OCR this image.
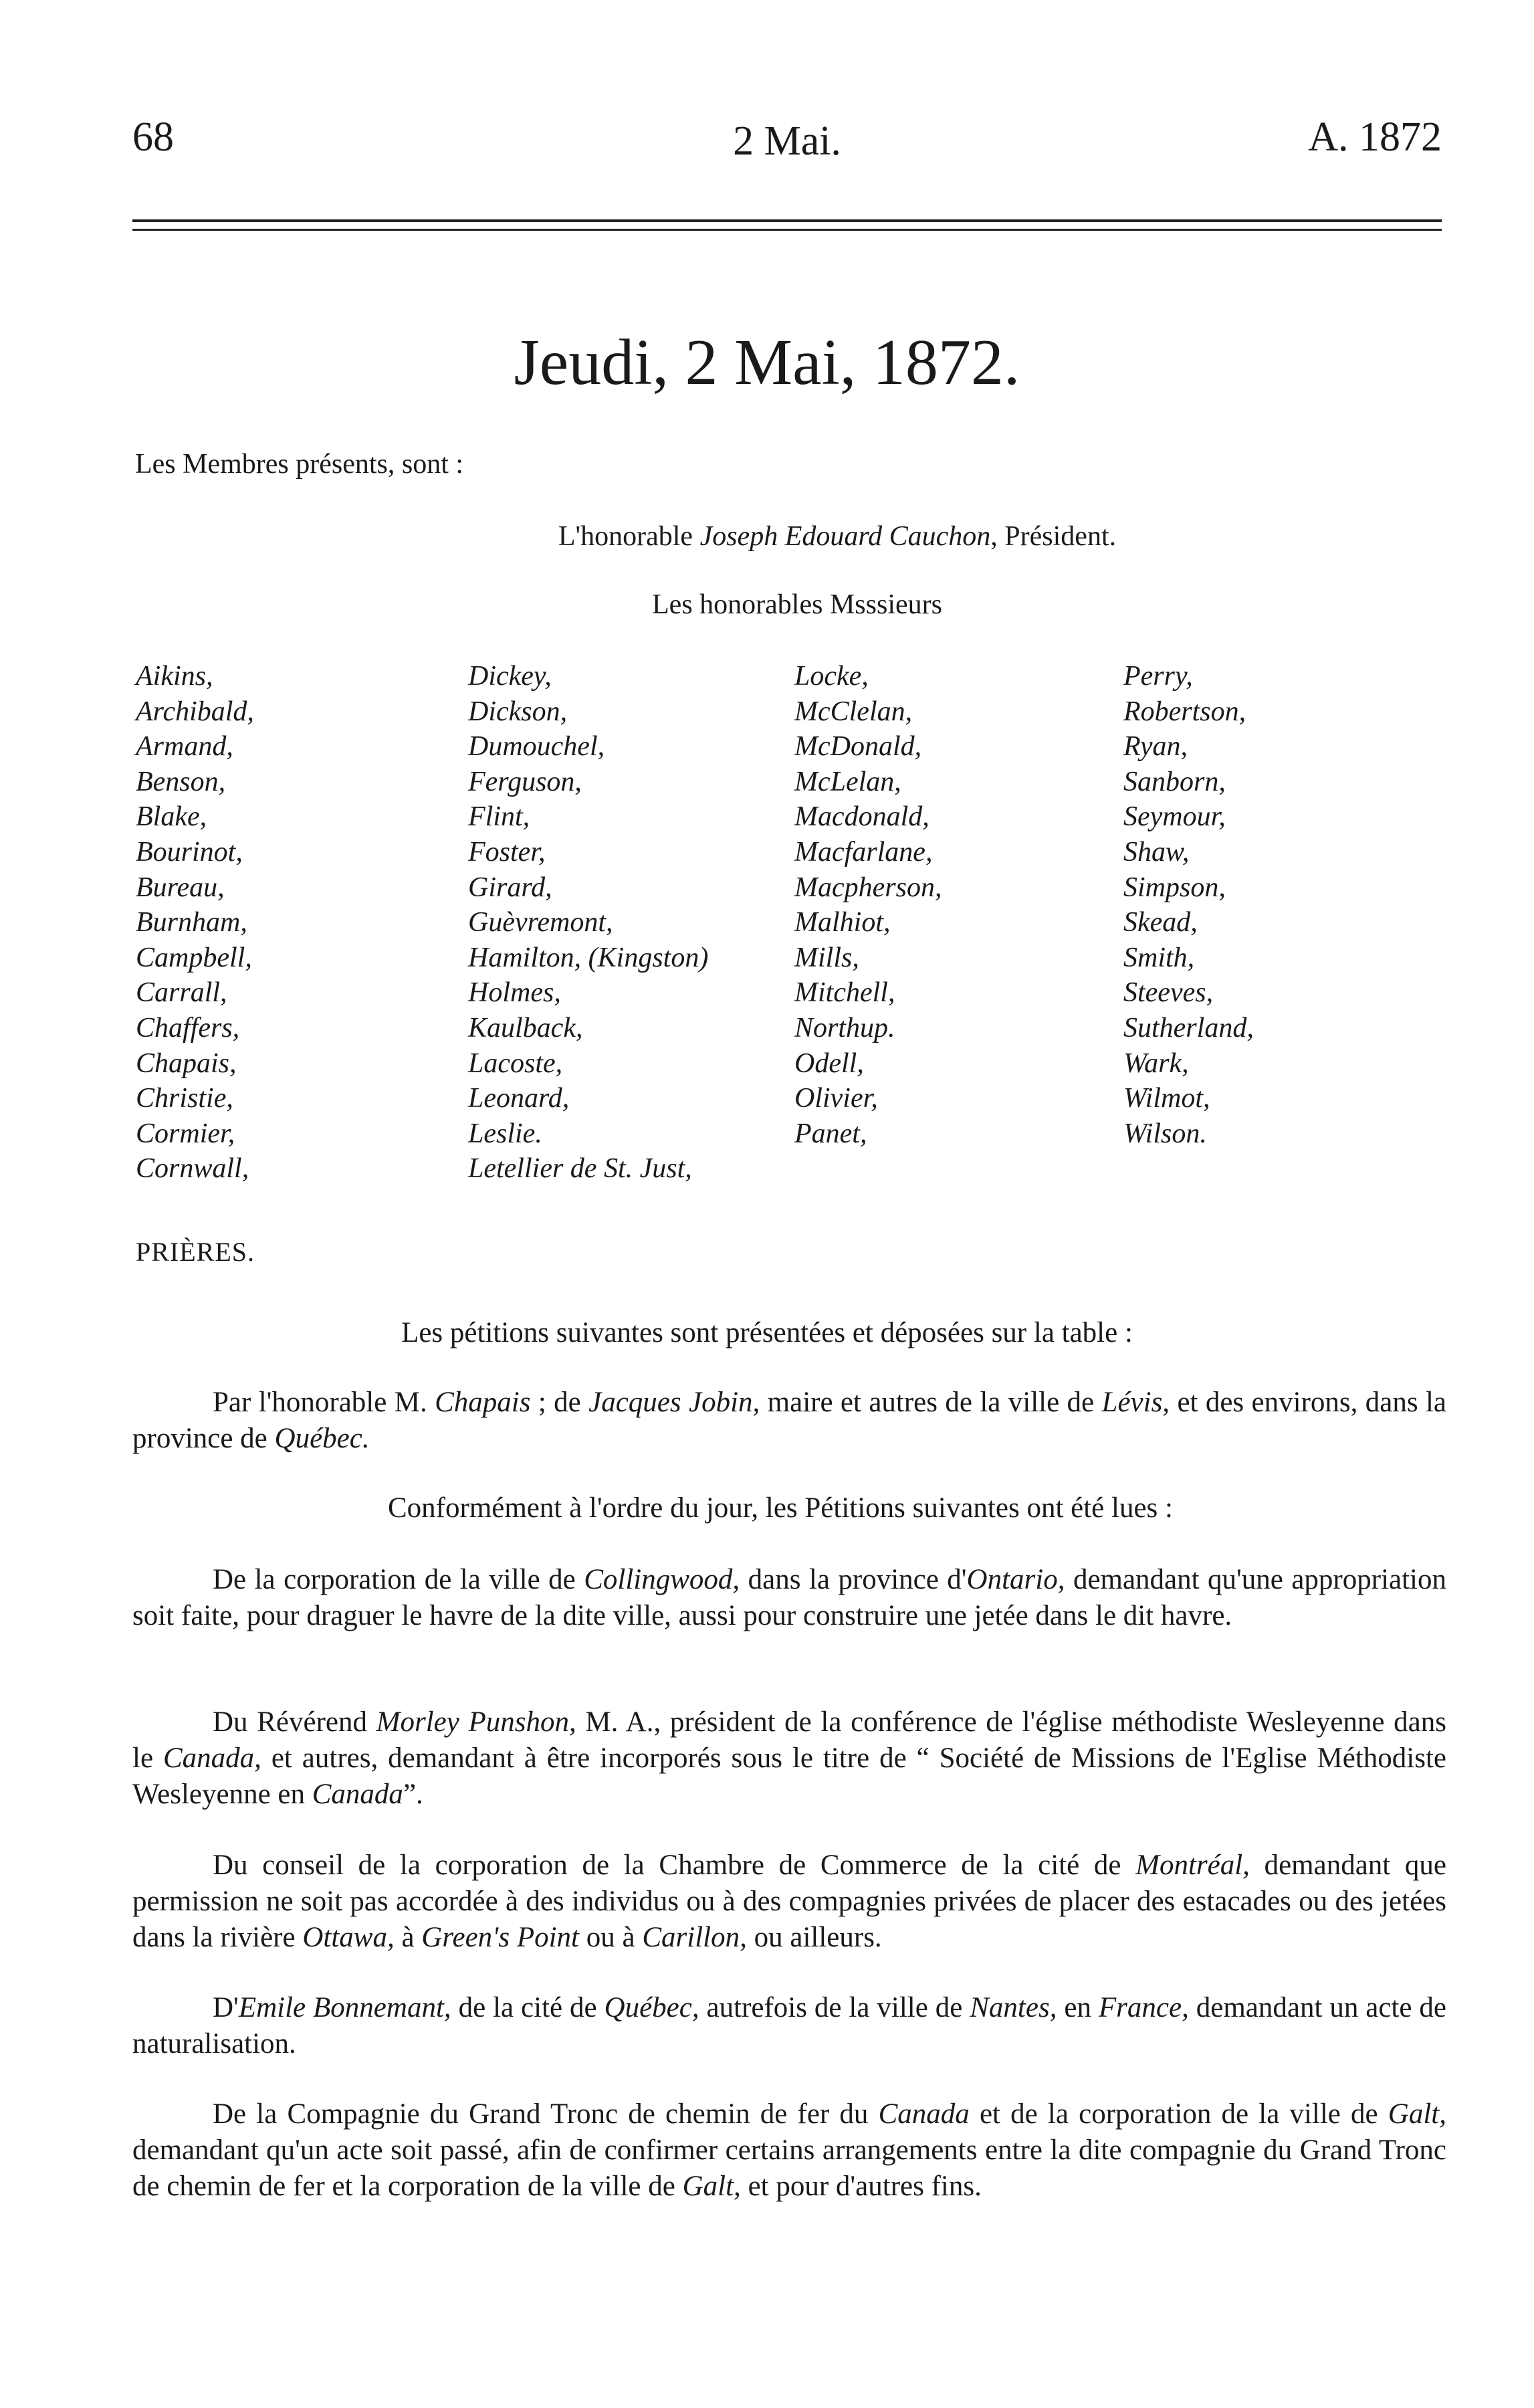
68	2 Mai.	A. 1872
Jeudi, 2 Mai, 1872.
Les Membres présents, sont :
L'honorable Joseph Edouard Cauchon, Président.
Les honorables Msssieurs
Aikins,
Archibald,
Armand,
Benson,
Blake,
Bourinot,
Bureau,
Burnham,
Campbell,
Carrall,
Chaffers,
Chapais,
Christie,
Cormier,
Cornwall,
Dickey,
Dickson,
Dumouchel,
Ferguson,
Flint,
Foster,
Girard,
Guèvremont,
Hamilton, (Kingston)
Holmes,
Kaulback,
Lacoste,
Leonard,
Leslie.
Letellier de St. Just,
Locke,
McClelan,
McDonald,
McLelan,
Macdonald,
Macfarlane,
Macpherson,
Malhiot,
Mills,
Mitchell,
Northup.
Odell,
Olivier,
Panet,
Perry,
Robertson,
Ryan,
Sanborn,
Seymour,
Shaw,
Simpson,
Skead,
Smith,
Steeves,
Sutherland,
Wark,
Wilmot,
Wilson.
PRIÈRES.
Les pétitions suivantes sont présentées et déposées sur la table :
Par l'honorable M. Chapais ; de Jacques Jobin, maire et autres de la ville de Lévis, et des environs, dans la province de Québec.
Conformément à l'ordre du jour, les Pétitions suivantes ont été lues :
De la corporation de la ville de Collingwood, dans la province d'Ontario, demandant qu'une appropriation soit faite, pour draguer le havre de la dite ville, aussi pour construire une jetée dans le dit havre.
Du Révérend Morley Punshon, M. A., président de la conférence de l'église méthodiste Wesleyenne dans le Canada, et autres, demandant à être incorporés sous le titre de “ Société de Missions de l'Eglise Méthodiste Wesleyenne en Canada”.
Du conseil de la corporation de la Chambre de Commerce de la cité de Montréal, demandant que permission ne soit pas accordée à des individus ou à des compagnies privées de placer des estacades ou des jetées dans la rivière Ottawa, à Green's Point ou à Carillon, ou ailleurs.
D'Emile Bonnemant, de la cité de Québec, autrefois de la ville de Nantes, en France, demandant un acte de naturalisation.
De la Compagnie du Grand Tronc de chemin de fer du Canada et de la corporation de la ville de Galt, demandant qu'un acte soit passé, afin de confirmer certains arrangements entre la dite compagnie du Grand Tronc de chemin de fer et la corporation de la ville de Galt, et pour d'autres fins.
